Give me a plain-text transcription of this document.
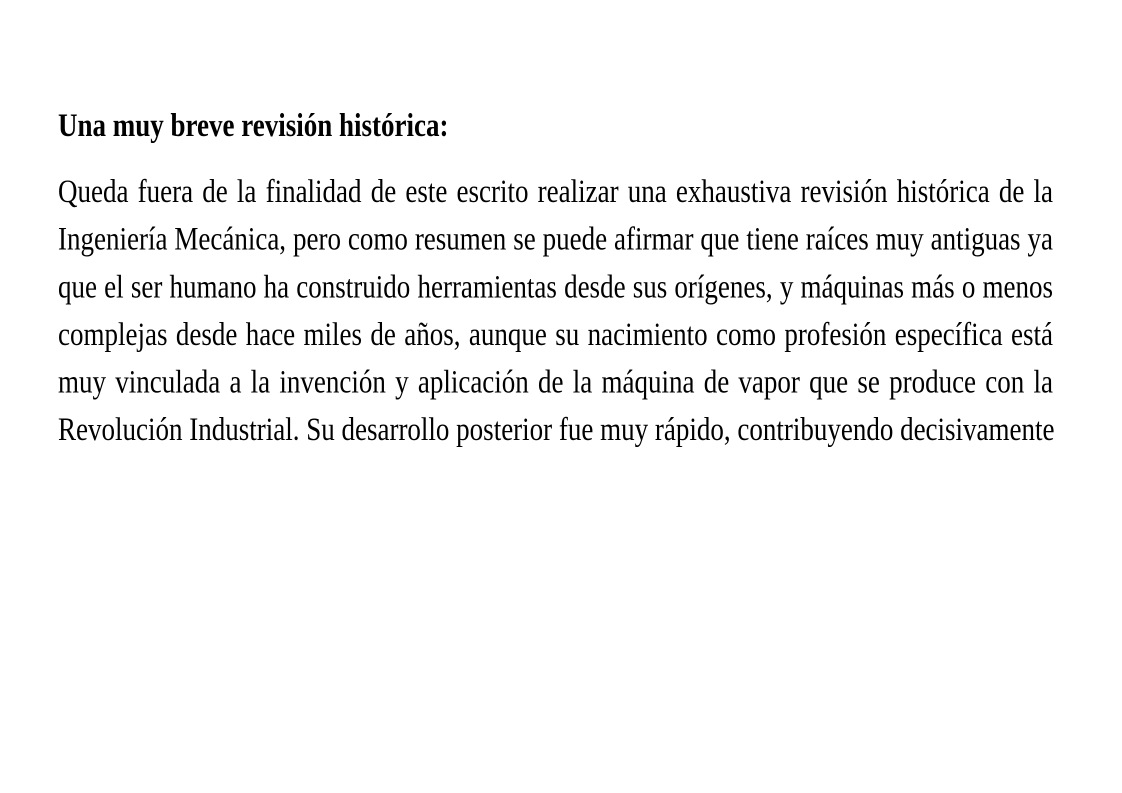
Una muy breve revisión histórica:
Queda fuera de la finalidad de este escrito realizar una exhaustiva revisión histórica de la
Ingeniería Mecánica, pero como resumen se puede afirmar que tiene raíces muy antiguas ya
que el ser humano ha construido herramientas desde sus orígenes, y máquinas más o menos
complejas desde hace miles de años, aunque su nacimiento como profesión específica está
muy vinculada a la invención y aplicación de la máquina de vapor que se produce con la
Revolución Industrial. Su desarrollo posterior fue muy rápido, contribuyendo decisivamente
